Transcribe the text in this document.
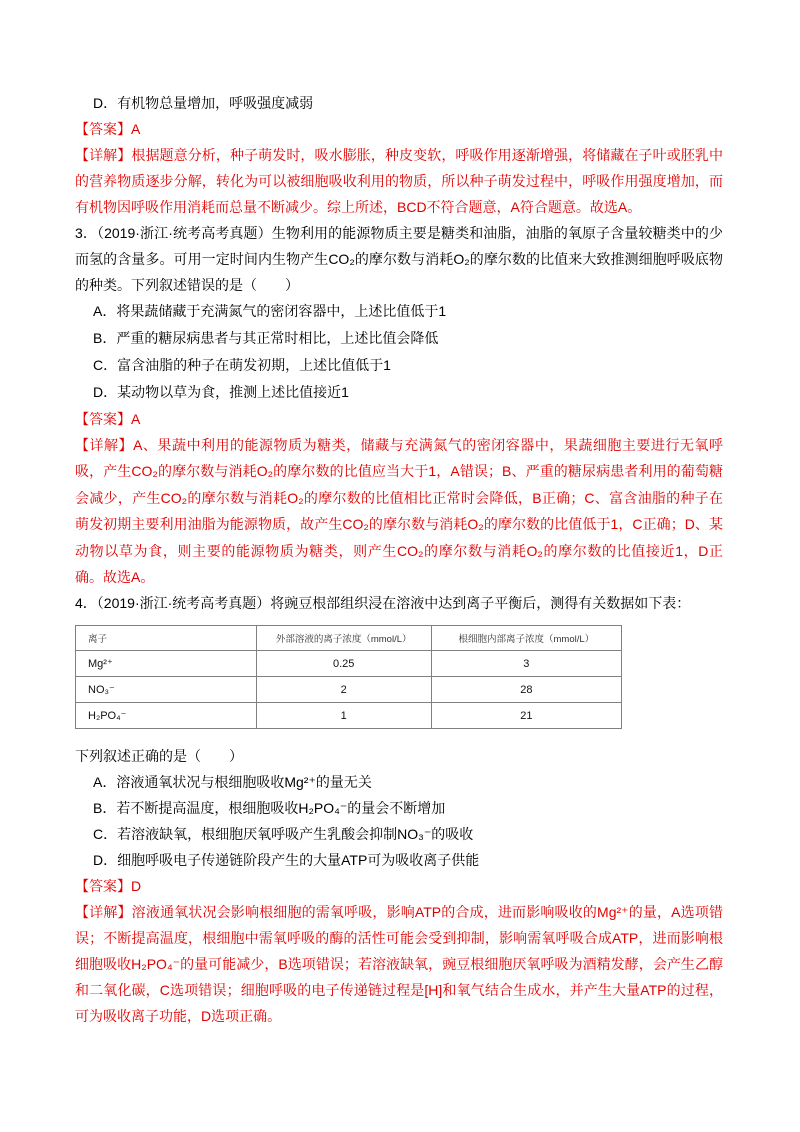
D．有机物总量增加，呼吸强度减弱

【答案】A

【详解】根据题意分析，种子萌发时，吸水膨胀，种皮变软，呼吸作用逐渐增强，将储藏在子叶或胚乳中的营养物质逐步分解，转化为可以被细胞吸收利用的物质，所以种子萌发过程中，呼吸作用强度增加，而有机物因呼吸作用消耗而总量不断减少。综上所述，BCD不符合题意，A符合题意。故选A。

3．（2019·浙江·统考高考真题）生物利用的能源物质主要是糖类和油脂，油脂的氧原子含量较糖类中的少而氢的含量多。可用一定时间内生物产生CO₂的摩尔数与消耗O₂的摩尔数的比值来大致推测细胞呼吸底物的种类。下列叙述错误的是（　　）

A．将果蔬储藏于充满氮气的密闭容器中，上述比值低于1

B．严重的糖尿病患者与其正常时相比，上述比值会降低

C．富含油脂的种子在萌发初期，上述比值低于1

D．某动物以草为食，推测上述比值接近1

【答案】A

【详解】A、果蔬中利用的能源物质为糖类，储藏与充满氮气的密闭容器中，果蔬细胞主要进行无氧呼吸，产生CO₂的摩尔数与消耗O₂的摩尔数的比值应当大于1，A错误；B、严重的糖尿病患者利用的葡萄糖会减少，产生CO₂的摩尔数与消耗O₂的摩尔数的比值相比正常时会降低，B正确；C、富含油脂的种子在萌发初期主要利用油脂为能源物质，故产生CO₂的摩尔数与消耗O₂的摩尔数的比值低于1，C正确；D、某动物以草为食，则主要的能源物质为糖类，则产生CO₂的摩尔数与消耗O₂的摩尔数的比值接近1，D正确。故选A。

4．（2019·浙江·统考高考真题）将豌豆根部组织浸在溶液中达到离子平衡后，测得有关数据如下表：

离子	外部溶液的离子浓度（mmol/L）	根细胞内部离子浓度（mmol/L）
Mg²⁺	0.25	3
NO₃⁻	2	28
H₂PO₄⁻	1	21

下列叙述正确的是（　　）

A．溶液通氧状况与根细胞吸收Mg²⁺的量无关

B．若不断提高温度，根细胞吸收H₂PO₄⁻的量会不断增加

C．若溶液缺氧，根细胞厌氧呼吸产生乳酸会抑制NO₃⁻的吸收

D．细胞呼吸电子传递链阶段产生的大量ATP可为吸收离子供能

【答案】D

【详解】溶液通氧状况会影响根细胞的需氧呼吸，影响ATP的合成，进而影响吸收的Mg²⁺的量，A选项错误；不断提高温度，根细胞中需氧呼吸的酶的活性可能会受到抑制，影响需氧呼吸合成ATP，进而影响根细胞吸收H₂PO₄⁻的量可能减少，B选项错误；若溶液缺氧，豌豆根细胞厌氧呼吸为酒精发酵，会产生乙醇和二氧化碳，C选项错误；细胞呼吸的电子传递链过程是[H]和氧气结合生成水，并产生大量ATP的过程，可为吸收离子功能，D选项正确。
